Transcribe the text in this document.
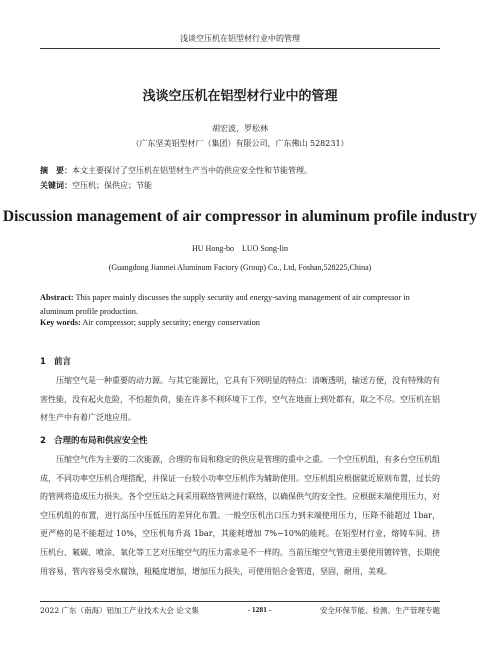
浅谈空压机在铝型材行业中的管理
浅谈空压机在铝型材行业中的管理
胡宏波，罗松林
（广东坚美铝型材厂（集团）有限公司，广东佛山 528231）
摘　要：本文主要探讨了空压机在铝型材生产当中的供应安全性和节能管理。
关键词：空压机；保供应；节能
Discussion management of air compressor in aluminum profile industry
HU Hong-bo　LUO Song-lin
(Guangdong Jianmei Aluminum Factory (Group) Co., Ltd, Foshan,528225,China)
Abstract: This paper mainly discusses the supply security and energy-saving management of air compressor in aluminum profile production.
Key words: Air compressor; supply security; energy conservation
1 前言
压缩空气是一种重要的动力源。与其它能源比，它具有下列明显的特点：清晰透明，输送方便，没有特殊的有害性能，没有起火危险，不怕超负荷，能在许多不利环境下工作，空气在地面上到处都有，取之不尽。空压机在铝材生产中有着广泛地应用。
2 合理的布局和供应安全性
压缩空气作为主要的二次能源，合理的布局和稳定的供应是管理的重中之重。一个空压机组，有多台空压机组成，不同功率空压机合理搭配，并保证一台较小功率空压机作为辅助使用。空压机组应根据就近原则布置，过长的的管网将造成压力损失。各个空压站之间采用联络管网进行联络，以确保供气的安全性。应根据末端使用压力，对空压机组的布置，进行高压中压低压的差异化布置。一般空压机出口压力到末端使用压力，压降不能超过 1bar，更严格的是不能超过 10%，空压机每升高 1bar，其能耗增加 7%~10%的能耗。在铝型材行业，熔铸车间、挤压机台、氟碳、喷涂、氧化等工艺对压缩空气的压力需求是不一样的。当前压缩空气管道主要使用镀锌管，长期使用容易，管内容易受水腐蚀，粗糙度增加，增加压力损失，可使用铝合金管道，坚固，耐用，美观。
2022 广东（南海）铝加工产业技术大会 论文集	- 1281 -	安全环保节能、检测、生产管理专题
